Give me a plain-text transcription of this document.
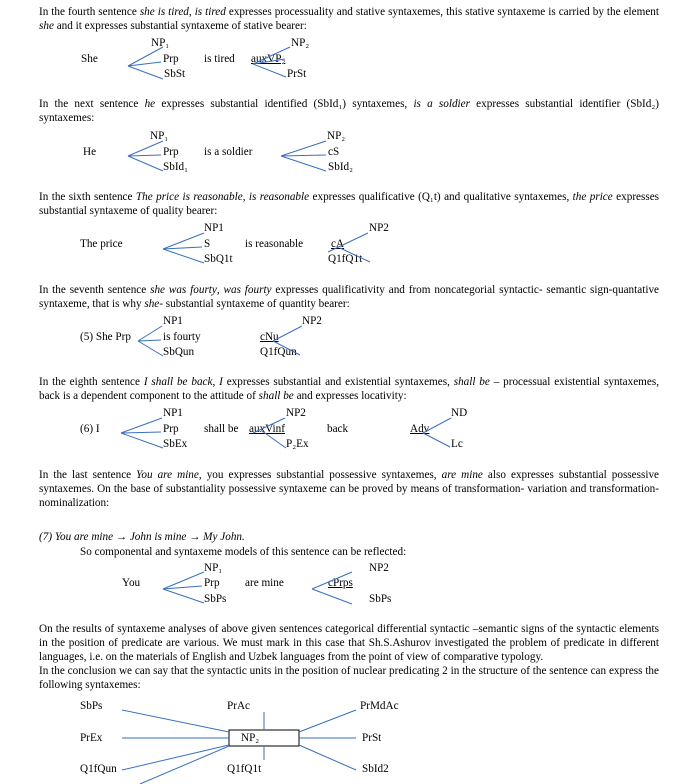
In the fourth sentence she is tired, is tired expresses processuality and stative syntaxemes, this stative syntaxeme is carried by the element she and it expresses substantial syntaxeme of stative bearer:
NP₁	NP₂
She	Prp is tired auxVP₂
SbSt	PrSt
In the next sentence he expresses substantial identified (SbId₁) syntaxemes, is a soldier expresses substantial identifier (SbId₂) syntaxemes:
NP₁	NP₂
He	Prp is a soldier	cS
SbId₁	SbId₂
In the sixth sentence The price is reasonable, is reasonable expresses qualificative (Q₁t) and qualitative syntaxemes, the price expresses substantial syntaxeme of quality bearer:
NP1	NP2
The price	S	is reasonable cA
SbQ1t	Q1fQ1t
In the seventh sentence she was fourty, was fourty expresses qualificativity and from noncategorial syntactic- semantic sign-quantative syntaxeme, that is why she- substantial syntaxeme of quantity bearer:
NP1	NP2
(5) She Prp	is fourty	cNu
SbQun	Q1fQun
In the eighth sentence I shall be back, I expresses substantial and existential syntaxemes, shall be – processual existential syntaxemes, back is a dependent component to the attitude of shall be and expresses locativity:
NP1	NP2	ND
(6) I	Prp shall be auxVinf	back	Adv
SbEx	P₂Ex	Lc
In the last sentence You are mine, you expresses substantial possessive syntaxemes, are mine also expresses substantial possessive syntaxemes. On the base of substantiality possessive syntaxeme can be proved by means of transformation- variation and transformation- nominalization:
(7) You are mine → John is mine → My John.
So componental and syntaxeme models of this sentence can be reflected:
NP₁	NP2
You	Prp are mine	cPrps
SbPs	SbPs
On the results of syntaxeme analyses of above given sentences categorical differential syntactic –semantic signs of the syntactic elements in the position of predicate are various. We must mark in this case that Sh.S.Ashurov investigated the problem of predicate in different languages, i.e. on the materials of English and Uzbek languages from the point of view of comparative typology.
In the conclusion we can say that the syntactic units in the position of nuclear predicating 2 in the structure of the sentence can express the following syntaxemes:
SbPs	PrAc	PrMdAc
PrEx	NP₂	PrSt
Q1fQun	Q1fQ1t	SbId2
